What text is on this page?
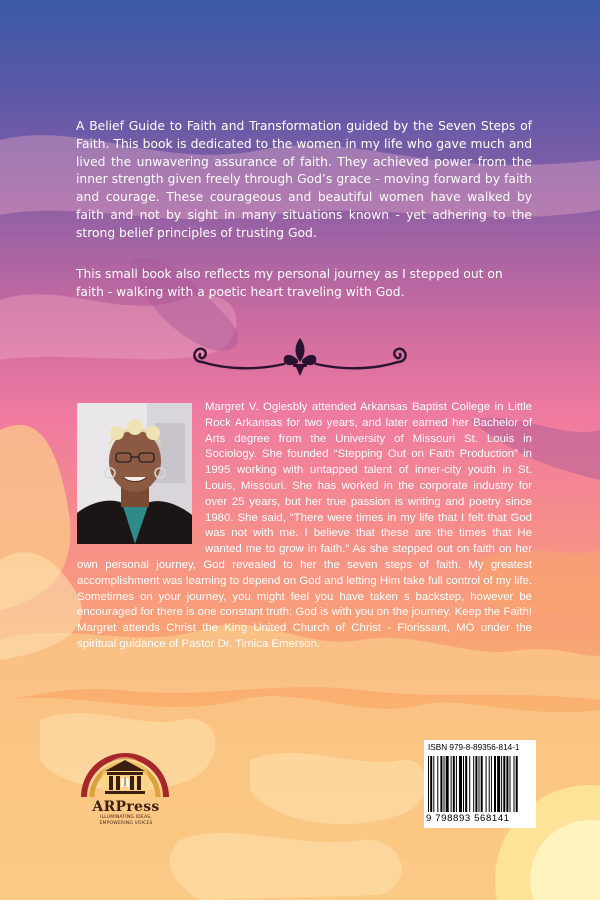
A Belief Guide to Faith and Transformation guided by the Seven Steps of Faith. This book is dedicated to the women in my life who gave much and lived the unwavering assurance of faith. They achieved power from the inner strength given freely through God’s grace - moving forward by faith and courage. These courageous and beautiful women have walked by faith and not by sight in many situations known - yet adhering to the strong belief principles of trusting God.

This small book also reflects my personal journey as I stepped out on faith - walking with a poetic heart traveling with God.

Margret V. Oglesbly attended Arkansas Baptist College in Little Rock Arkansas for two years, and later earned her Bachelor of Arts degree from the University of Missouri St. Louis in Sociology. She founded “Stepping Out on Faith Production” in 1995 working with untapped talent of inner-city youth in St. Louis, Missouri. She has worked in the corporate industry for over 25 years, but her true passion is writing and poetry since 1980. She said, “There were times in my life that I felt that God was not with me. I believe that these are the times that He wanted me to grow in faith.” As she stepped out on faith on her own personal journey, God revealed to her the seven steps of faith. My greatest accomplishment was learning to depend on God and letting Him take full control of my life. Sometimes on your journey, you might feel you have taken s backstep, however be encouraged for there is one constant truth: God is with you on the journey. Keep the Faith! Margret attends Christ the King United Church of Christ - Florissant, MO under the spiritual guidance of Pastor Dr. Timica Emerson.

ARPress
ILLUMINATING IDEAS,
EMPOWERING VOICES
ISBN 979-8-89356-814-1
9 798893 568141
